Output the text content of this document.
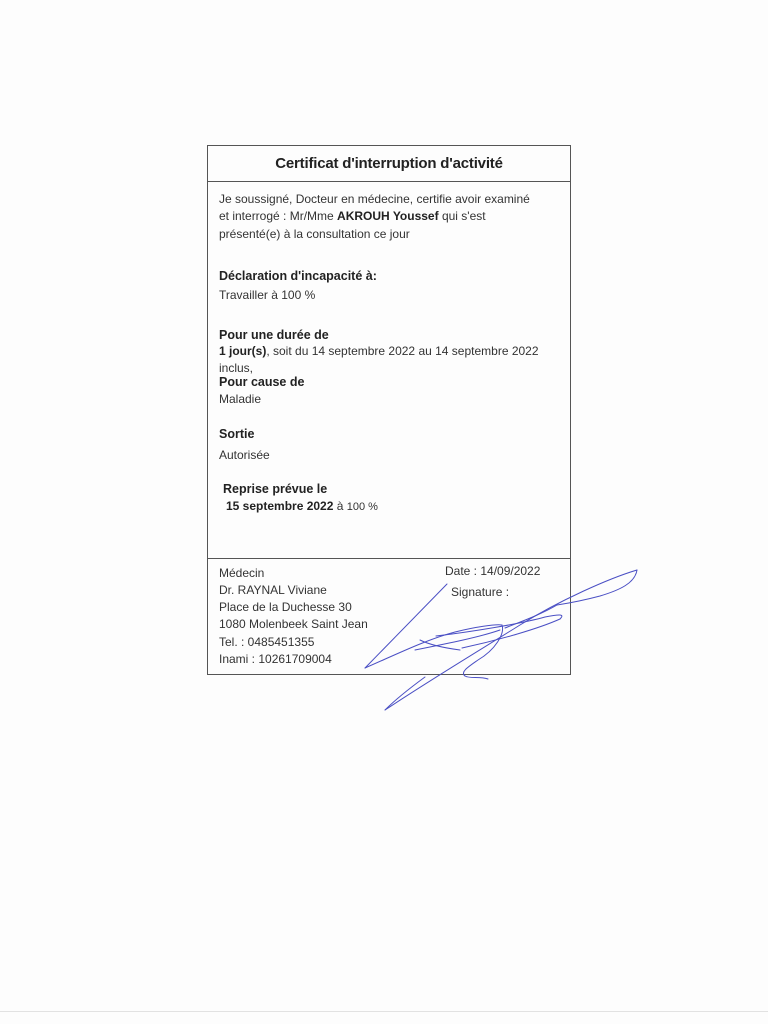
Certificat d'interruption d'activité
Je soussigné, Docteur en médecine, certifie avoir examiné
et interrogé : Mr/Mme AKROUH Youssef qui s'est
présenté(e) à la consultation ce jour
Déclaration d'incapacité à:
Travailler à 100 %
Pour une durée de
1 jour(s), soit du 14 septembre 2022 au 14 septembre 2022
inclus,
Pour cause de
Maladie
Sortie
Autorisée
Reprise prévue le
15 septembre 2022 à 100 %
Médecin
Dr. RAYNAL Viviane
Place de la Duchesse 30
1080 Molenbeek Saint Jean
Tel. : 0485451355
Inami : 10261709004
Date : 14/09/2022
Signature :
